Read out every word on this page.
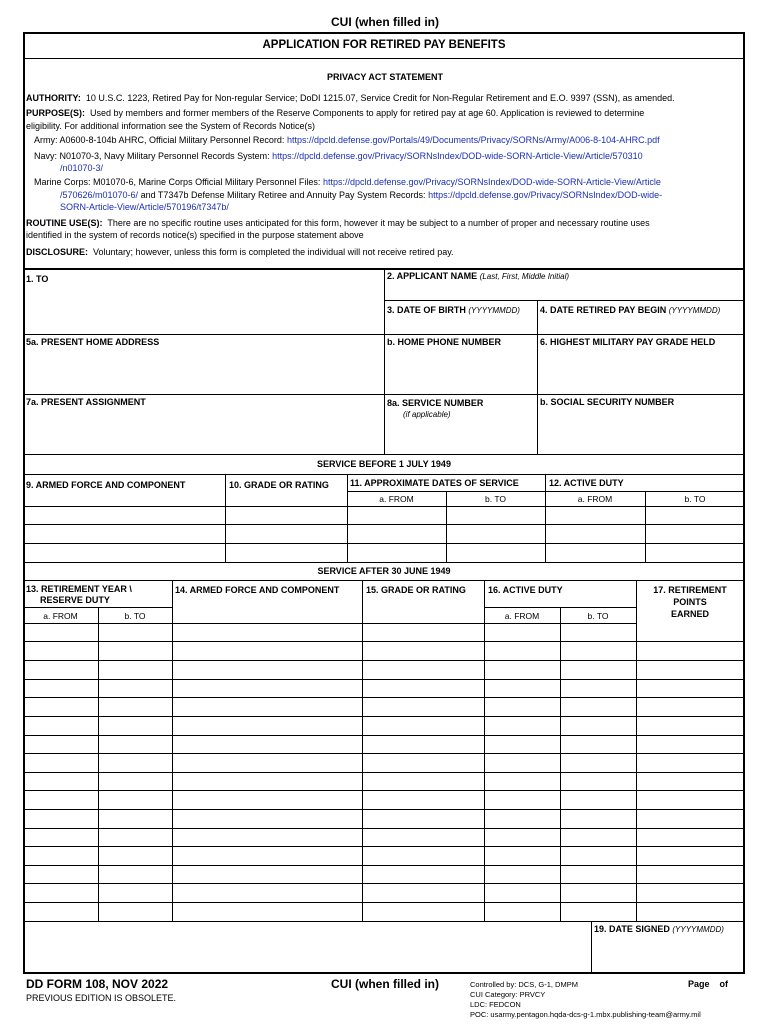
CUI (when filled in)
APPLICATION FOR RETIRED PAY BENEFITS
PRIVACY ACT STATEMENT
AUTHORITY: 10 U.S.C. 1223, Retired Pay for Non-regular Service; DoDI 1215.07, Service Credit for Non-Regular Retirement and E.O. 9397 (SSN), as amended.
PURPOSE(S): Used by members and former members of the Reserve Components to apply for retired pay at age 60. Application is reviewed to determine
eligibility. For additional information see the System of Records Notice(s)
Army: A0600-8-104b AHRC, Official Military Personnel Record: https://dpcld.defense.gov/Portals/49/Documents/Privacy/SORNs/Army/A006-8-104-AHRC.pdf
Navy: N01070-3, Navy Military Personnel Records System: https://dpcld.defense.gov/Privacy/SORNsIndex/DOD-wide-SORN-Article-View/Article/570310
/n01070-3/
Marine Corps: M01070-6, Marine Corps Official Military Personnel Files: https://dpcld.defense.gov/Privacy/SORNsIndex/DOD-wide-SORN-Article-View/Article
/570626/m01070-6/ and T7347b Defense Military Retiree and Annuity Pay System Records: https://dpcld.defense.gov/Privacy/SORNsIndex/DOD-wide-
SORN-Article-View/Article/570196/t7347b/
ROUTINE USE(S): There are no specific routine uses anticipated for this form, however it may be subject to a number of proper and necessary routine uses
identified in the system of records notice(s) specified in the purpose statement above
DISCLOSURE: Voluntary; however, unless this form is completed the individual will not receive retired pay.
1. TO	2. APPLICANT NAME (Last, First, Middle Initial)
3. DATE OF BIRTH (YYYYMMDD) 4. DATE RETIRED PAY BEGIN (YYYYMMDD)
5a. PRESENT HOME ADDRESS	b. HOME PHONE NUMBER	6. HIGHEST MILITARY PAY GRADE HELD
7a. PRESENT ASSIGNMENT	8a. SERVICE NUMBER
(if applicable)
b. SOCIAL SECURITY NUMBER
SERVICE BEFORE 1 JULY 1949
9. ARMED FORCE AND COMPONENT	10. GRADE OR RATING 11. APPROXIMATE DATES OF SERVICE	12. ACTIVE DUTY
a. FROM	b. TO	a. FROM	b. TO
SERVICE AFTER 30 JUNE 1949
13. RETIREMENT YEAR \
RESERVE DUTY
a. FROM	b. TO
14. ARMED FORCE AND COMPONENT	15. GRADE OR RATING 16. ACTIVE DUTY
a. FROM	b. TO
17. RETIREMENT
POINTS
EARNED
19. DATE SIGNED (YYYYMMDD)
DD FORM 108, NOV 2022
PREVIOUS EDITION IS OBSOLETE.
CUI (when filled in)	Controlled by: DCS, G-1, DMPM
CUI Category: PRVCY
LDC: FEDCON
POC: usarmy.pentagon.hqda-dcs-g-1.mbx.publishing-team@army.mil
Page    of
